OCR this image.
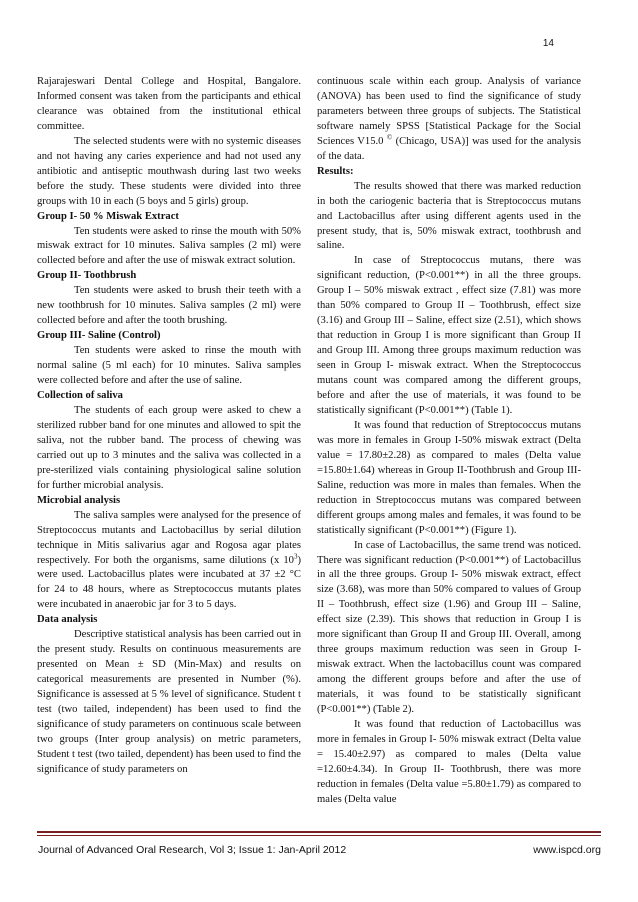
14

Rajarajeswari Dental College and Hospital, Bangalore. Informed consent was taken from the participants and ethical clearance was obtained from the institutional ethical committee.

The selected students were with no systemic diseases and not having any caries experience and had not used any antibiotic and antiseptic mouthwash during last two weeks before the study. These students were divided into three groups with 10 in each (5 boys and 5 girls) group.

Group I- 50 % Miswak Extract

Ten students were asked to rinse the mouth with 50% miswak extract for 10 minutes. Saliva samples (2 ml) were collected before and after the use of miswak extract solution.

Group II- Toothbrush

Ten students were asked to brush their teeth with a new toothbrush for 10 minutes. Saliva samples (2 ml) were collected before and after the tooth brushing.

Group III- Saline (Control)

Ten students were asked to rinse the mouth with normal saline (5 ml each) for 10 minutes. Saliva samples were collected before and after the use of saline.

Collection of saliva

The students of each group were asked to chew a sterilized rubber band for one minutes and allowed to spit the saliva, not the rubber band. The process of chewing was carried out up to 3 minutes and the saliva was collected in a pre-sterilized vials containing physiological saline solution for further microbial analysis.

Microbial analysis

The saliva samples were analysed for the presence of Streptococcus mutants and Lactobacillus by serial dilution technique in Mitis salivarius agar and Rogosa agar plates respectively. For both the organisms, same dilutions (x $10^3$) were used. Lactobacillus plates were incubated at 37 ±2 °C for 24 to 48 hours, where as Streptococcus mutants plates were incubated in anaerobic jar for 3 to 5 days.

Data analysis

Descriptive statistical analysis has been carried out in the present study. Results on continuous measurements are presented on Mean ± SD (Min-Max) and results on categorical measurements are presented in Number (%). Significance is assessed at 5 % level of significance. Student t test (two tailed, independent) has been used to find the significance of study parameters on continuous scale between two groups (Inter group analysis) on metric parameters, Student t test (two tailed, dependent) has been used to find the significance of study parameters on

continuous scale within each group. Analysis of variance (ANOVA) has been used to find the significance of study parameters between three groups of subjects. The Statistical software namely SPSS [Statistical Package for the Social Sciences V15.0 © (Chicago, USA)] was used for the analysis of the data.

Results:

The results showed that there was marked reduction in both the cariogenic bacteria that is Streptococcus mutans and Lactobacillus after using different agents used in the present study, that is, 50% miswak extract, toothbrush and saline.

In case of Streptococcus mutans, there was significant reduction, (P<0.001**) in all the three groups. Group I – 50% miswak extract , effect size (7.81) was more than 50% compared to Group II – Toothbrush, effect size (3.16) and Group III – Saline, effect size (2.51), which shows that reduction in Group I is more significant than Group II and Group III. Among three groups maximum reduction was seen in Group I- miswak extract. When the Streptococcus mutans count was compared among the different groups, before and after the use of materials, it was found to be statistically significant (P<0.001**) (Table 1).

It was found that reduction of Streptococcus mutans was more in females in Group I-50% miswak extract (Delta value = 17.80±2.28) as compared to males (Delta value =15.80±1.64) whereas in Group II-Toothbrush and Group III- Saline, reduction was more in males than females. When the reduction in Streptococcus mutans was compared between different groups among males and females, it was found to be statistically significant (P<0.001**) (Figure 1).

In case of Lactobacillus, the same trend was noticed. There was significant reduction (P<0.001**) of Lactobacillus in all the three groups. Group I- 50% miswak extract, effect size (3.68), was more than 50% compared to values of Group II – Toothbrush, effect size (1.96) and Group III – Saline, effect size (2.39). This shows that reduction in Group I is more significant than Group II and Group III. Overall, among three groups maximum reduction was seen in Group I- miswak extract. When the lactobacillus count was compared among the different groups before and after the use of materials, it was found to be statistically significant (P<0.001**) (Table 2).

It was found that reduction of Lactobacillus was more in females in Group I- 50% miswak extract (Delta value = 15.40±2.97) as compared to males (Delta value =12.60±4.34). In Group II- Toothbrush, there was more reduction in females (Delta value =5.80±1.79) as compared to males (Delta value

Journal of Advanced Oral Research, Vol 3; Issue 1: Jan-April 2012	www.ispcd.org
